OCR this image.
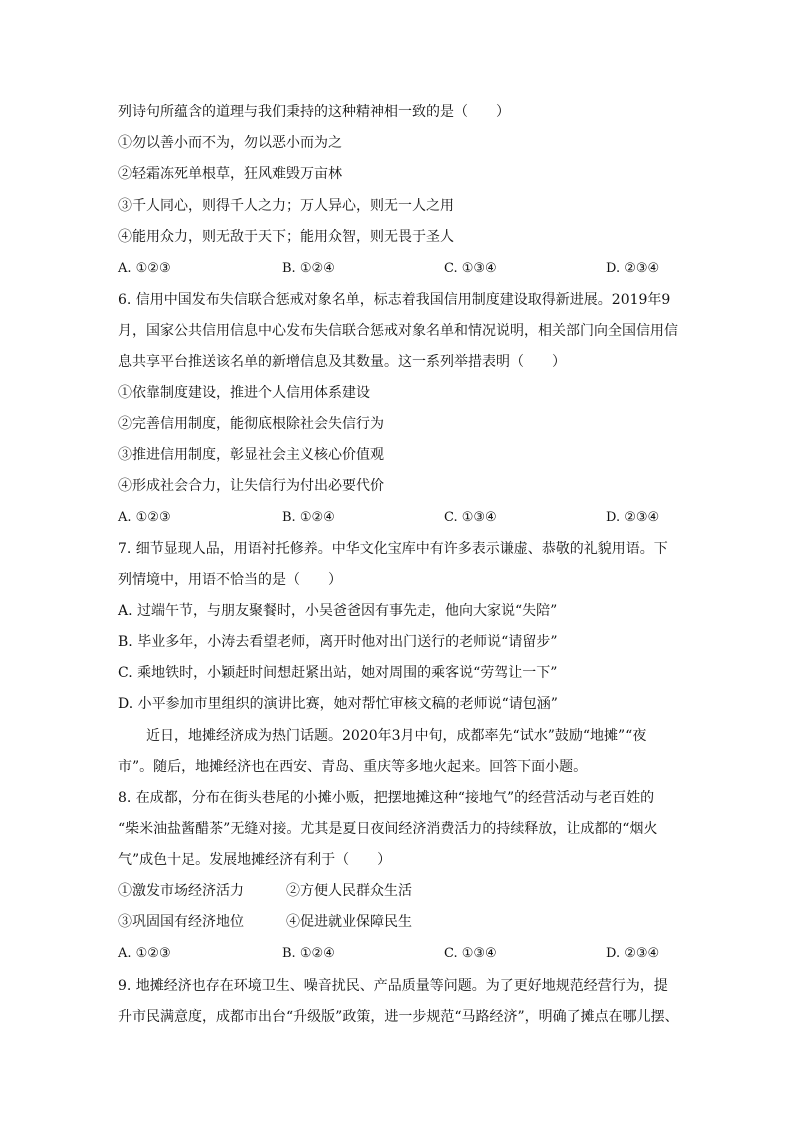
列诗句所蕴含的道理与我们秉持的这种精神相一致的是（　　）
①勿以善小而不为，勿以恶小而为之
②轻霜冻死单根草，狂风难毁万亩林
③千人同心，则得千人之力；万人异心，则无一人之用
④能用众力，则无敌于天下；能用众智，则无畏于圣人
A. ①②③	B. ①②④	C. ①③④	D. ②③④
6. 信用中国发布失信联合惩戒对象名单，标志着我国信用制度建设取得新进展。2019年9
月，国家公共信用信息中心发布失信联合惩戒对象名单和情况说明，相关部门向全国信用信
息共享平台推送该名单的新增信息及其数量。这一系列举措表明（　　）
①依靠制度建设，推进个人信用体系建设
②完善信用制度，能彻底根除社会失信行为
③推进信用制度，彰显社会主义核心价值观
④形成社会合力，让失信行为付出必要代价
A. ①②③	B. ①②④	C. ①③④	D. ②③④
7. 细节显现人品，用语衬托修养。中华文化宝库中有许多表示谦虚、恭敬的礼貌用语。下
列情境中，用语不恰当的是（　　）
A. 过端午节，与朋友聚餐时，小吴爸爸因有事先走，他向大家说“失陪”
B. 毕业多年，小涛去看望老师，离开时他对出门送行的老师说“请留步”
C. 乘地铁时，小颖赶时间想赶紧出站，她对周围的乘客说“劳驾让一下”
D. 小平参加市里组织的演讲比赛，她对帮忙审核文稿的老师说“请包涵”
近日，地摊经济成为热门话题。2020年3月中旬，成都率先“试水”鼓励“地摊”“夜
市”。随后，地摊经济也在西安、青岛、重庆等多地火起来。回答下面小题。
8. 在成都，分布在街头巷尾的小摊小贩，把摆地摊这种“接地气”的经营活动与老百姓的
“柴米油盐酱醋茶”无缝对接。尤其是夏日夜间经济消费活力的持续释放，让成都的“烟火
气”成色十足。发展地摊经济有利于（　　）
①激发市场经济活力	②方便人民群众生活
③巩固国有经济地位	④促进就业保障民生
A. ①②③	B. ①②④	C. ①③④	D. ②③④
9. 地摊经济也存在环境卫生、噪音扰民、产品质量等问题。为了更好地规范经营行为，提
升市民满意度，成都市出台“升级版”政策，进一步规范“马路经济”，明确了摊点在哪儿摆、
